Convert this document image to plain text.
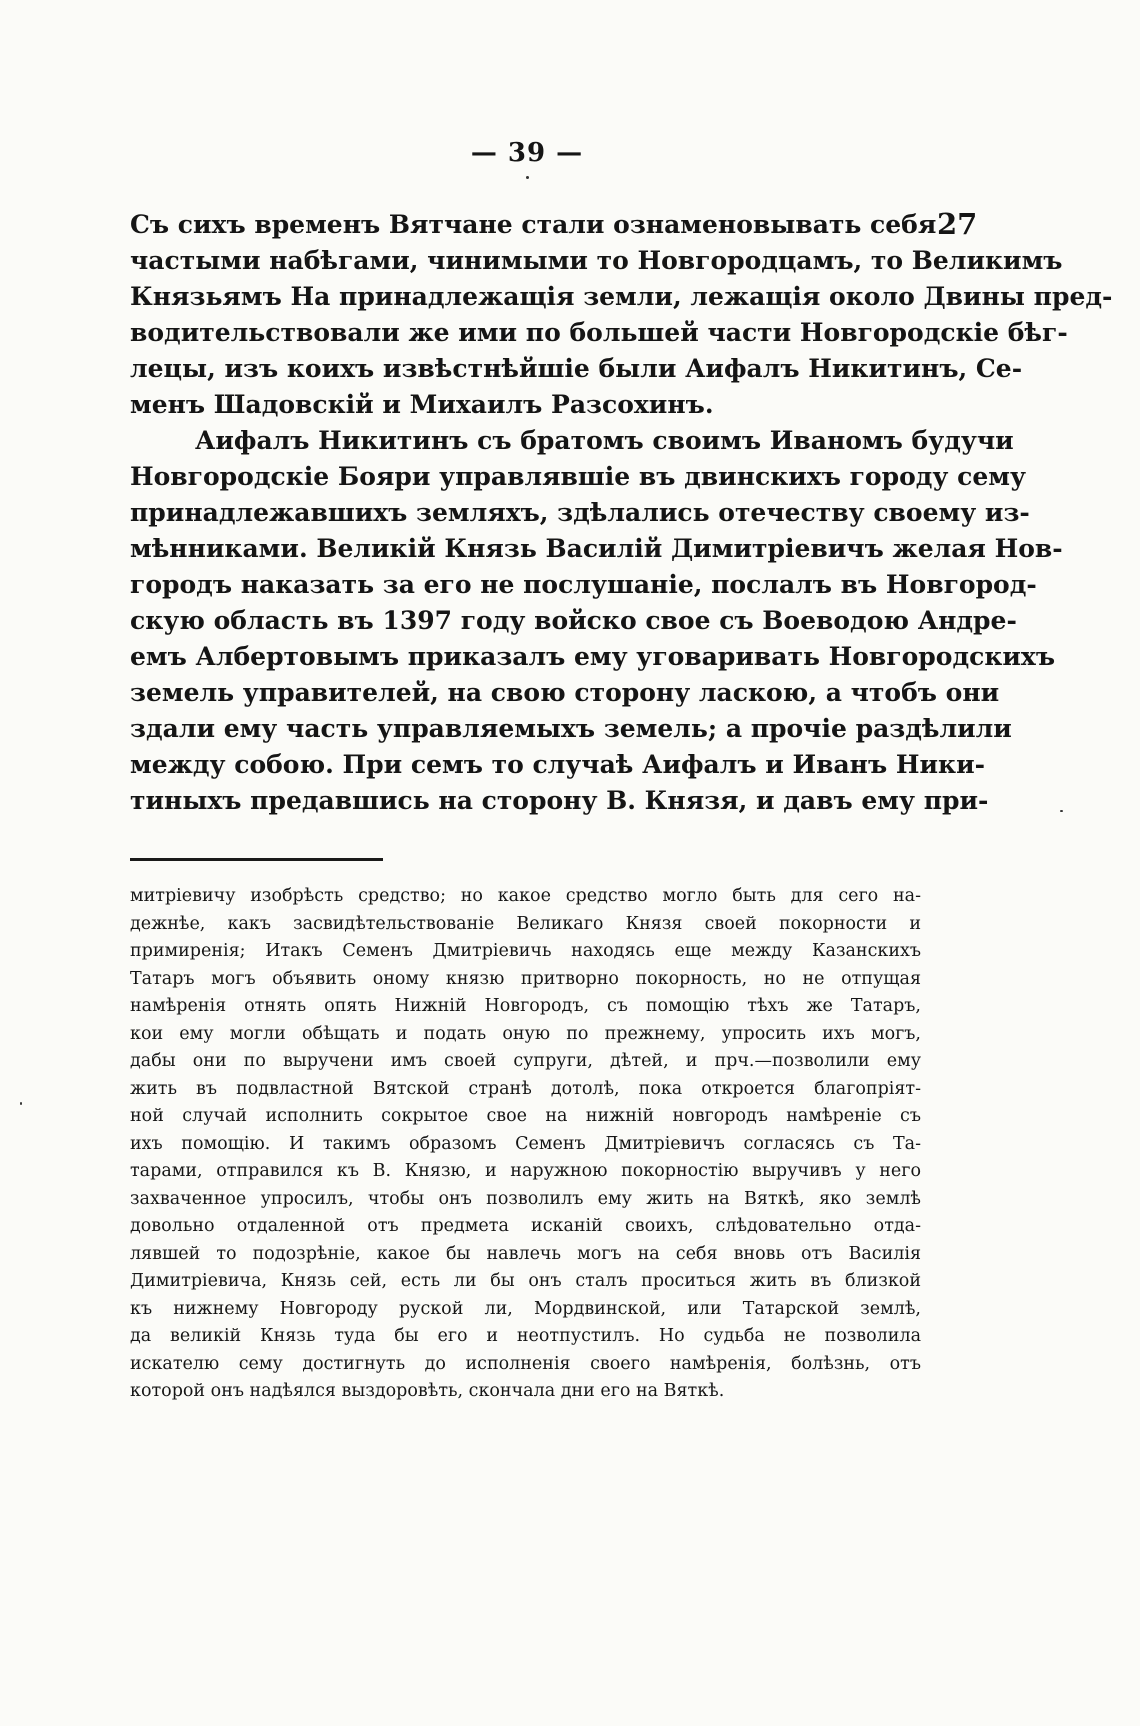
— 39 —
27
Съ сихъ временъ Вятчане стали ознаменовывать себя
частыми набѣгами, чинимыми то Новгородцамъ, то Великимъ
Князьямъ На принадлежащія земли, лежащія около Двины пред-
водительствовали же ими по большей части Новгородскіе бѣг-
лецы, изъ коихъ извѣстнѣйшіе были Аифалъ Никитинъ, Се-
менъ Шадовскій и Михаилъ Разсохинъ.
Аифалъ Никитинъ съ братомъ своимъ Иваномъ будучи
Новгородскіе Бояри управлявшіе въ двинскихъ городу сему
принадлежавшихъ земляхъ, здѣлались отечеству своему из-
мѣнниками. Великій Князь Василій Димитріевичъ желая Нов-
городъ наказать за его не послушаніе, послалъ въ Новгород-
скую область въ 1397 году войско свое съ Воеводою Андре-
емъ Албертовымъ приказалъ ему уговаривать Новгородскихъ
земель управителей, на свою сторону ласкою, а чтобъ они
здали ему часть управляемыхъ земель; а прочіе раздѣлили
между собою. При семъ то случаѣ Аифалъ и Иванъ Ники-
тиныхъ предавшись на сторону В. Князя, и давъ ему при-
митріевичу изобрѣсть средство; но какое средство могло быть для сего на-
дежнѣе, какъ засвидѣтельствованіе Великаго Князя своей покорности и
примиренія; Итакъ Семенъ Дмитріевичь находясь еще между Казанскихъ
Татаръ могъ объявить оному князю притворно покорность, но не отпущая
намѣренія отнять опять Нижній Новгородъ, съ помощію тѣхъ же Татаръ,
кои ему могли обѣщать и подать оную по прежнему, упросить ихъ могъ,
дабы они по выручени имъ своей супруги, дѣтей, и прч.—позволили ему
жить въ подвластной Вятской странѣ дотолѣ, пока откроется благопріят-
ной случай исполнить сокрытое свое на нижній новгородъ намѣреніе съ
ихъ помощію. И такимъ образомъ Семенъ Дмитріевичъ согласясь съ Та-
тарами, отправился къ В. Князю, и наружною покорностію выручивъ у него
захваченное упросилъ, чтобы онъ позволилъ ему жить на Вяткѣ, яко землѣ
довольно отдаленной отъ предмета исканій своихъ, слѣдовательно отда-
лявшей то подозрѣніе, какое бы навлечь могъ на себя вновь отъ Василія
Димитріевича, Князь сей, есть ли бы онъ сталъ проситься жить въ близкой
къ нижнему Новгороду руской ли, Мордвинской, или Татарской землѣ,
да великій Князь туда бы его и неотпустилъ. Но судьба не позволила
искателю сему достигнуть до исполненія своего намѣренія, болѣзнь, отъ
которой онъ надѣялся выздоровѣть, скончала дни его на Вяткѣ.
